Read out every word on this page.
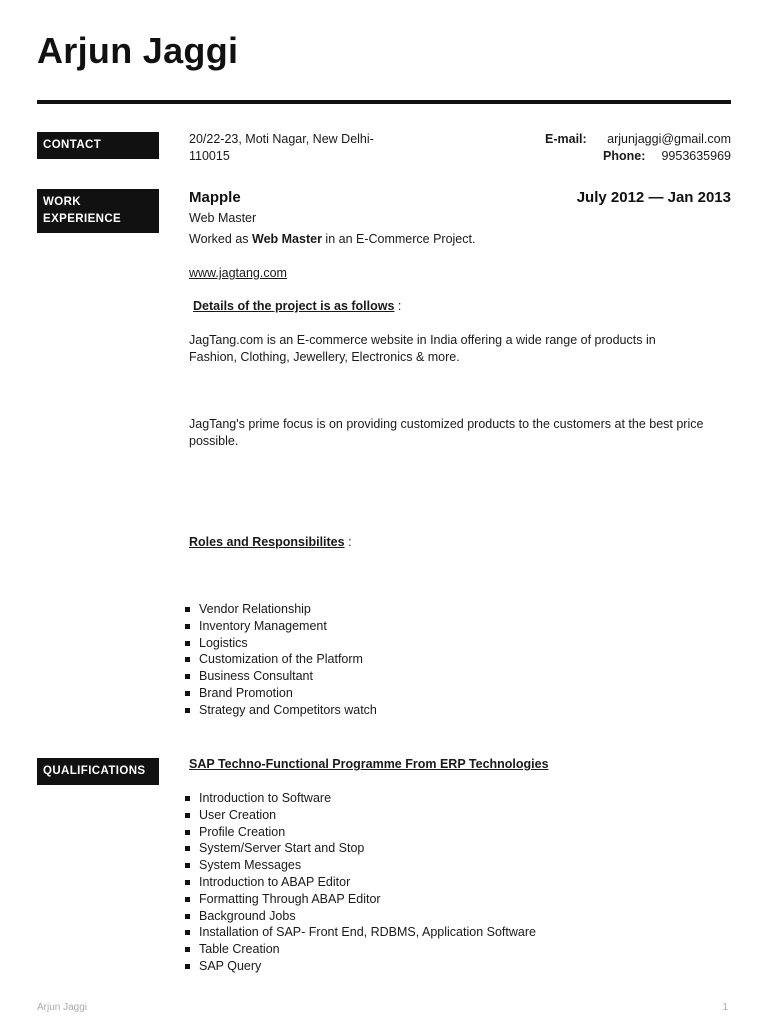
Arjun Jaggi
CONTACT	20/22-23, Moti Nagar, New Delhi-
110015
E-mail: arjunjaggi@gmail.com
Phone: 9953635969
WORK
EXPERIENCE
Mapple	July 2012 — Jan 2013
Web Master
Worked as Web Master in an E-Commerce Project.
www.jagtang.com
Details of the project is as follows :
JagTang.com is an E-commerce website in India offering a wide range of products in
Fashion, Clothing, Jewellery, Electronics & more.
JagTang's prime focus is on providing customized products to the customers at the best price
possible.
Roles and Responsibilites :
Vendor Relationship
Inventory Management
Logistics
Customization of the Platform
Business Consultant
Brand Promotion
Strategy and Competitors watch
QUALIFICATIONS	SAP Techno-Functional Programme From ERP Technologies
Introduction to Software
User Creation
Profile Creation
System/Server Start and Stop
System Messages
Introduction to ABAP Editor
Formatting Through ABAP Editor
Background Jobs
Installation of SAP- Front End, RDBMS, Application Software
Table Creation
SAP Query
Arjun Jaggi	1
